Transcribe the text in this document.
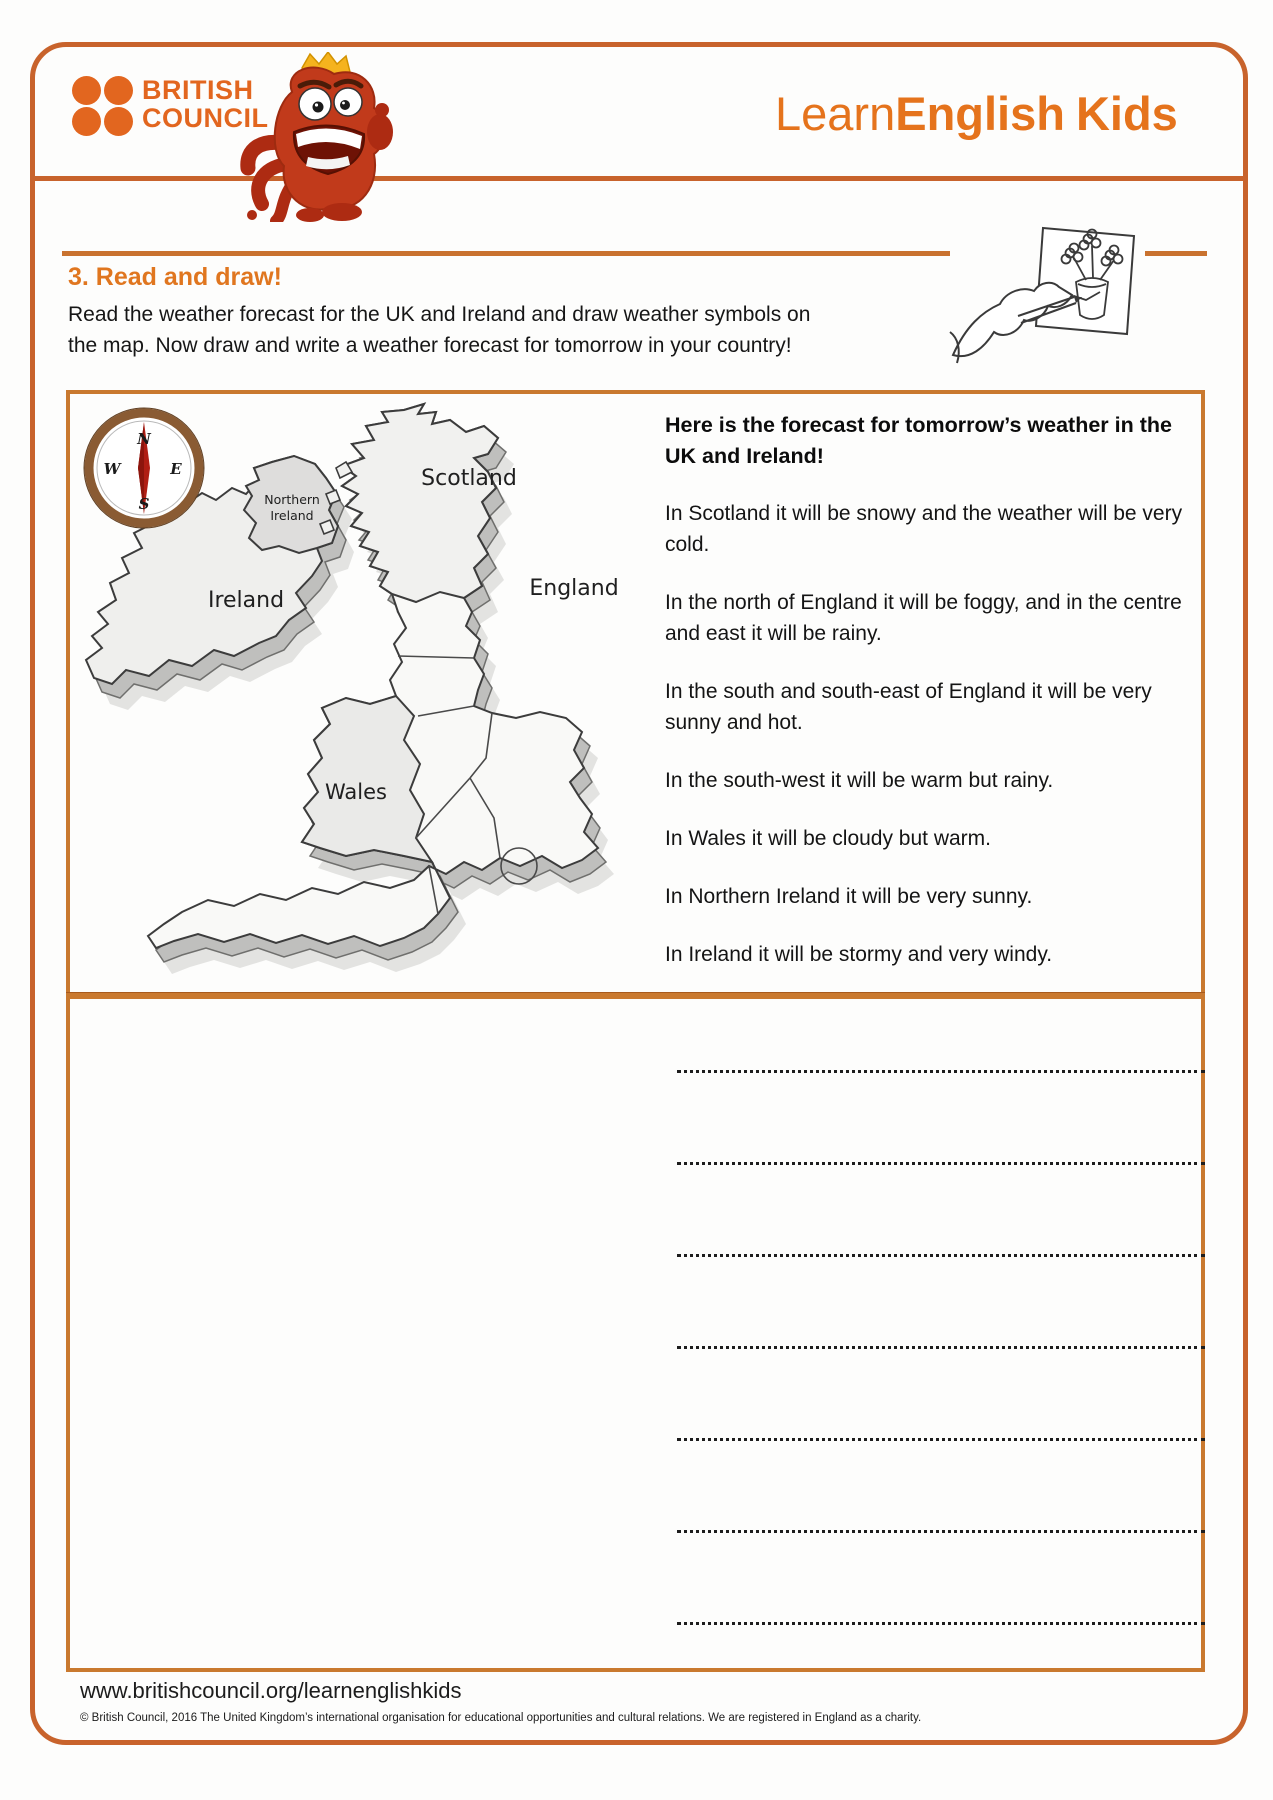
BRITISH
COUNCIL	LearnEnglish Kids
3. Read and draw!
Read the weather forecast for the UK and Ireland and draw weather symbols on the map. Now draw and write a weather forecast for tomorrow in your country!
Scotland
England
Ireland
Wales
Northern
Ireland
N
E
S
W

Here is the forecast for tomorrow’s weather in the UK and Ireland!

In Scotland it will be snowy and the weather will be very cold.

In the north of England it will be foggy, and in the centre and east it will be rainy.

In the south and south-east of England it will be very sunny and hot.

In the south-west it will be warm but rainy.

In Wales it will be cloudy but warm.

In Northern Ireland it will be very sunny.

In Ireland it will be stormy and very windy.

www.britishcouncil.org/learnenglishkids
© British Council, 2016 The United Kingdom’s international organisation for educational opportunities and cultural relations. We are registered in England as a charity.
